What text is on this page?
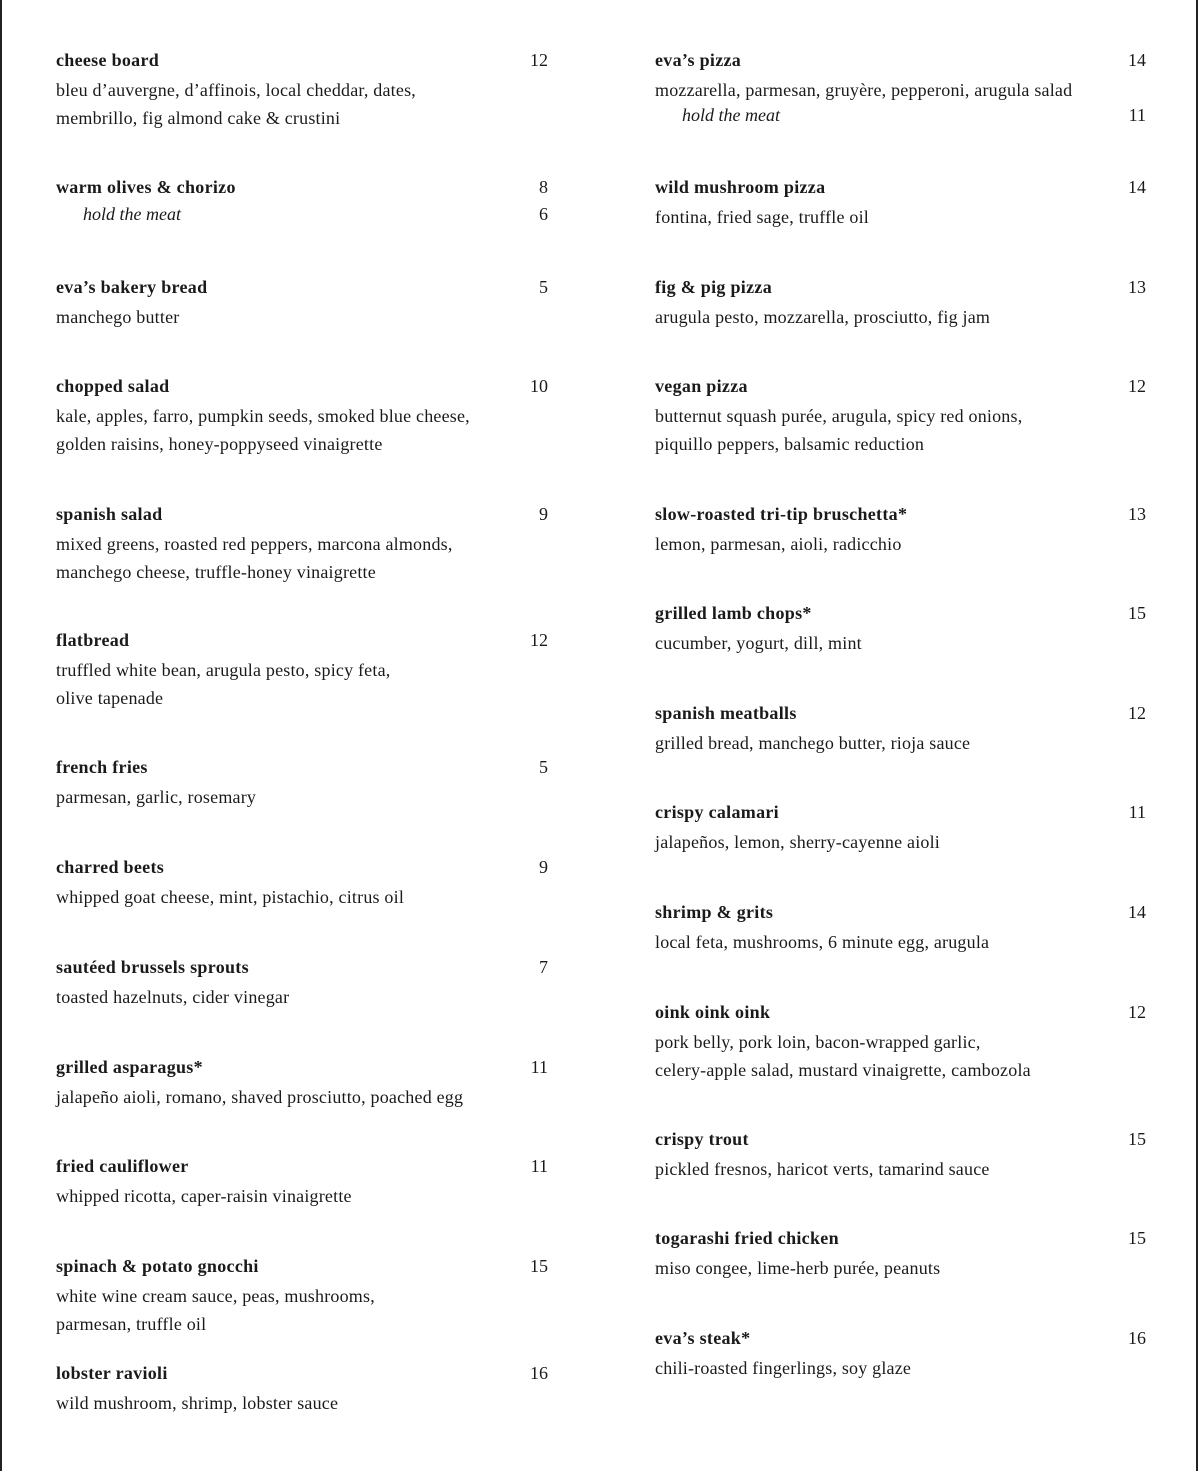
cheese board	12
bleu d’auvergne, d’affinois, local cheddar, dates,
membrillo, fig almond cake & crustini
warm olives & chorizo	8
hold the meat	6
eva’s bakery bread	5
manchego butter
chopped salad	10
kale, apples, farro, pumpkin seeds, smoked blue cheese,
golden raisins, honey-poppyseed vinaigrette
spanish salad	9
mixed greens, roasted red peppers, marcona almonds,
manchego cheese, truffle-honey vinaigrette
flatbread	12
truffled white bean, arugula pesto, spicy feta,
olive tapenade
french fries	5
parmesan, garlic, rosemary
charred beets	9
whipped goat cheese, mint, pistachio, citrus oil
sautéed brussels sprouts	7
toasted hazelnuts, cider vinegar
grilled asparagus*	11
jalapeño aioli, romano, shaved prosciutto, poached egg
fried cauliflower	11
whipped ricotta, caper-raisin vinaigrette
spinach & potato gnocchi	15
white wine cream sauce, peas, mushrooms,
parmesan, truffle oil
lobster ravioli	16
wild mushroom, shrimp, lobster sauce
eva’s pizza	14
mozzarella, parmesan, gruyère, pepperoni, arugula salad
hold the meat	11
wild mushroom pizza	14
fontina, fried sage, truffle oil
fig & pig pizza	13
arugula pesto, mozzarella, prosciutto, fig jam
vegan pizza	12
butternut squash purée, arugula, spicy red onions,
piquillo peppers, balsamic reduction
slow-roasted tri-tip bruschetta*	13
lemon, parmesan, aioli, radicchio
grilled lamb chops*	15
cucumber, yogurt, dill, mint
spanish meatballs	12
grilled bread, manchego butter, rioja sauce
crispy calamari	11
jalapeños, lemon, sherry-cayenne aioli
shrimp & grits	14
local feta, mushrooms, 6 minute egg, arugula
oink oink oink	12
pork belly, pork loin, bacon-wrapped garlic,
celery-apple salad, mustard vinaigrette, cambozola
crispy trout	15
pickled fresnos, haricot verts, tamarind sauce
togarashi fried chicken	15
miso congee, lime-herb purée, peanuts
eva’s steak*	16
chili-roasted fingerlings, soy glaze
